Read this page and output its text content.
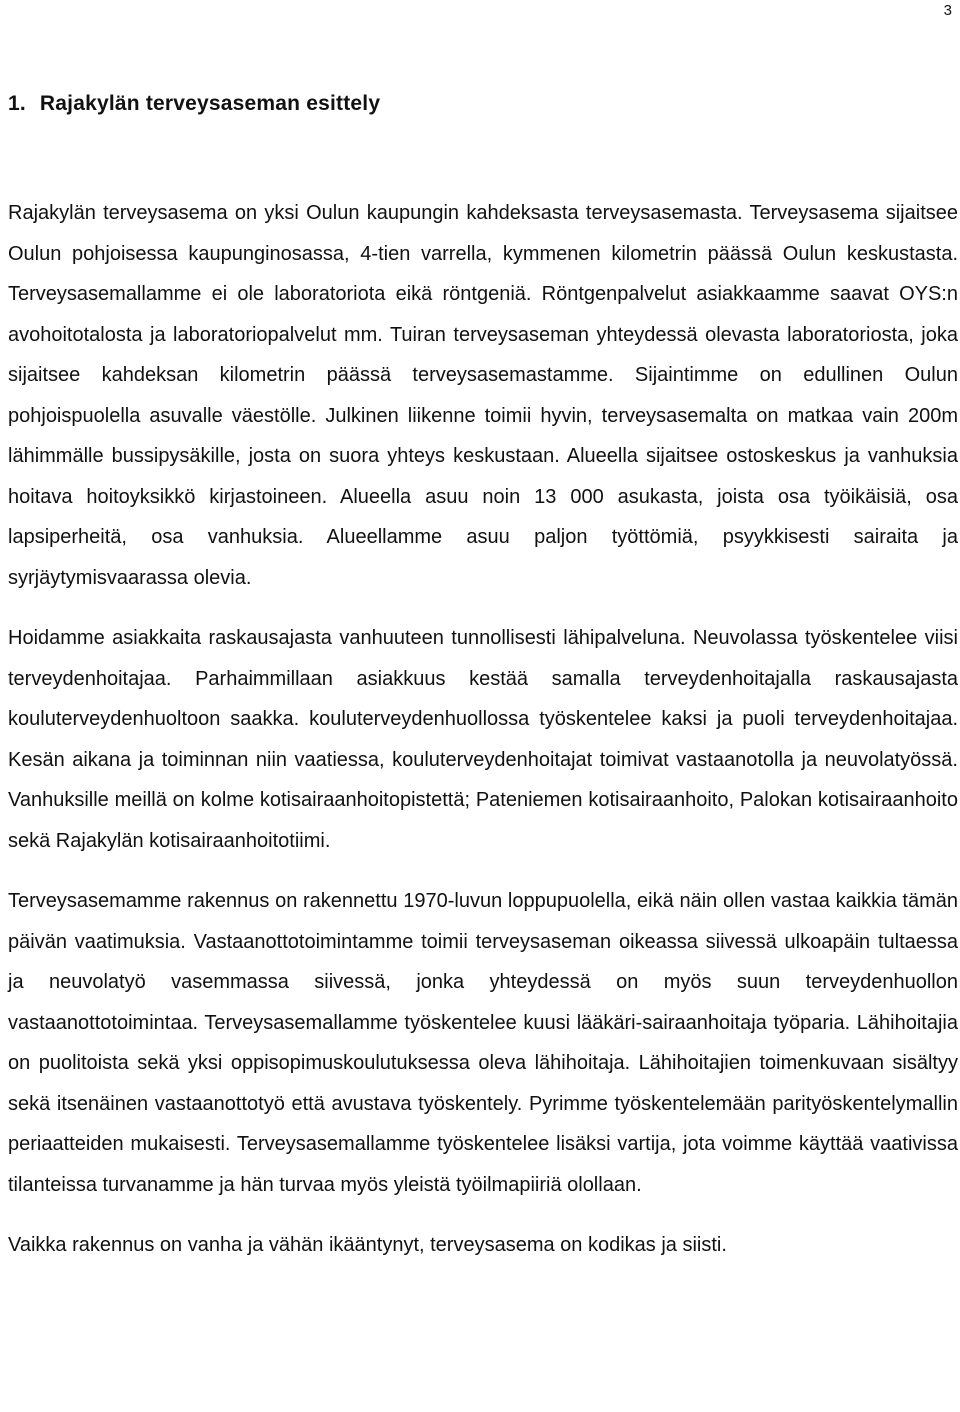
3
1. Rajakylän terveysaseman esittely

Rajakylän terveysasema on yksi Oulun kaupungin kahdeksasta terveysasemasta. Terveysasema sijaitsee Oulun pohjoisessa kaupunginosassa, 4-tien varrella, kymmenen kilometrin päässä Oulun keskustasta. Terveysasemallamme ei ole laboratoriota eikä röntgeniä. Röntgenpalvelut asiakkaamme saavat OYS:n avohoitotalosta ja laboratoriopalvelut mm. Tuiran terveysaseman yhteydessä olevasta laboratoriosta, joka sijaitsee kahdeksan kilometrin päässä terveysasemastamme. Sijaintimme on edullinen Oulun pohjoispuolella asuvalle väestölle. Julkinen liikenne toimii hyvin, terveysasemalta on matkaa vain 200m lähimmälle bussipysäkille, josta on suora yhteys keskustaan. Alueella sijaitsee ostoskeskus ja vanhuksia hoitava hoitoyksikkö kirjastoineen. Alueella asuu noin 13 000 asukasta, joista osa työikäisiä, osa lapsiperheitä, osa vanhuksia. Alueellamme asuu paljon työttömiä, psyykkisesti sairaita ja syrjäytymisvaarassa olevia.

Hoidamme asiakkaita raskausajasta vanhuuteen tunnollisesti lähipalveluna. Neuvolassa työskentelee viisi terveydenhoitajaa. Parhaimmillaan asiakkuus kestää samalla terveydenhoitajalla raskausajasta kouluterveydenhuoltoon saakka. kouluterveydenhuollossa työskentelee kaksi ja puoli terveydenhoitajaa. Kesän aikana ja toiminnan niin vaatiessa, kouluterveydenhoitajat toimivat vastaanotolla ja neuvolatyössä. Vanhuksille meillä on kolme kotisairaanhoitopistettä; Pateniemen kotisairaanhoito, Palokan kotisairaanhoito sekä Rajakylän kotisairaanhoitotiimi.

Terveysasemamme rakennus on rakennettu 1970-luvun loppupuolella, eikä näin ollen vastaa kaikkia tämän päivän vaatimuksia. Vastaanottotoimintamme toimii terveysaseman oikeassa siivessä ulkoapäin tultaessa ja neuvolatyö vasemmassa siivessä, jonka yhteydessä on myös suun terveydenhuollon vastaanottotoimintaa. Terveysasemallamme työskentelee kuusi lääkäri-sairaanhoitaja työparia. Lähihoitajia on puolitoista sekä yksi oppisopimuskoulutuksessa oleva lähihoitaja. Lähihoitajien toimenkuvaan sisältyy sekä itsenäinen vastaanottotyö että avustava työskentely. Pyrimme työskentelemään parityöskentelymallin periaatteiden mukaisesti. Terveysasemallamme työskentelee lisäksi vartija, jota voimme käyttää vaativissa tilanteissa turvanamme ja hän turvaa myös yleistä työilmapiiriä olollaan.

Vaikka rakennus on vanha ja vähän ikääntynyt, terveysasema on kodikas ja siisti.
